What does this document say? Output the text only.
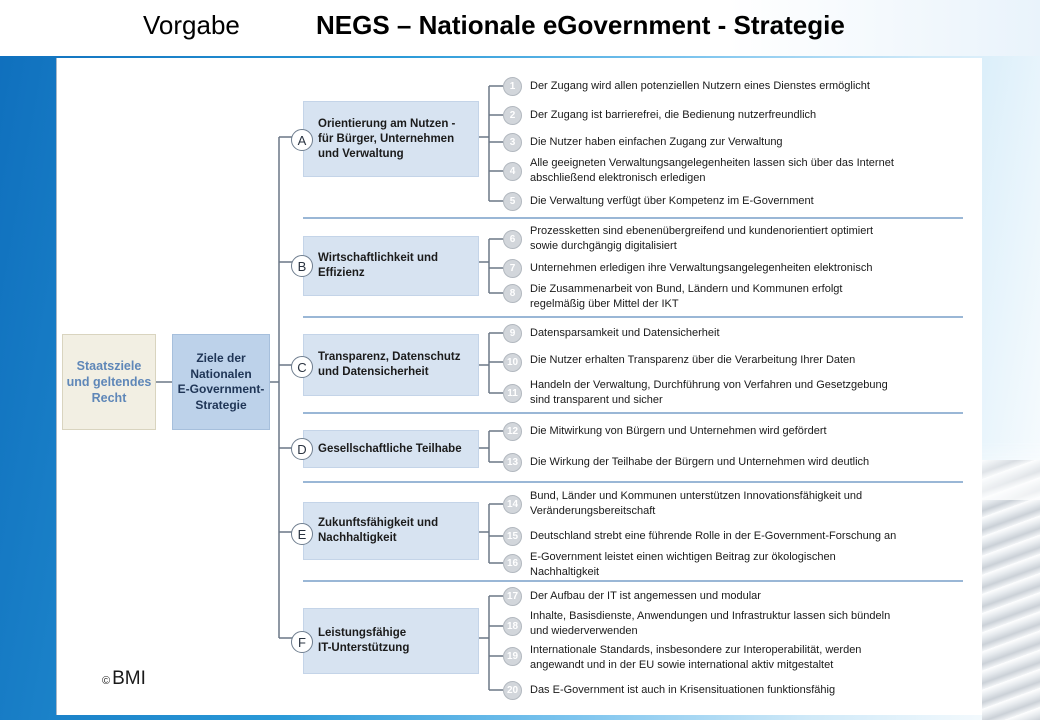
Vorgabe	NEGS – Nationale eGovernment - Strategie
Staatsziele
und geltendes
Recht
Ziele der
Nationalen
E-Government-
Strategie
Orientierung am Nutzen -
für Bürger, Unternehmen
und Verwaltung
Wirtschaftlichkeit und
Effizienz
Transparenz, Datenschutz
und Datensicherheit
Gesellschaftliche Teilhabe
Zukunftsfähigkeit und
Nachhaltigkeit
Leistungsfähige
IT-Unterstützung
A
B
C
D
E
F
1	Der Zugang wird allen potenziellen Nutzern eines Dienstes ermöglicht
2	Der Zugang ist barrierefrei, die Bedienung nutzerfreundlich
3	Die Nutzer haben einfachen Zugang zur Verwaltung
4
Alle geeigneten Verwaltungsangelegenheiten lassen sich über das Internet
abschließend elektronisch erledigen
5	Die Verwaltung verfügt über Kompetenz im E-Government
6
Prozessketten sind ebenenübergreifend und kundenorientiert optimiert
sowie durchgängig digitalisiert
7	Unternehmen erledigen ihre Verwaltungsangelegenheiten elektronisch
8	Die Zusammenarbeit von Bund, Ländern und Kommunen erfolgt
regelmäßig über Mittel der IKT
9	Datensparsamkeit und Datensicherheit
10	Die Nutzer erhalten Transparenz über die Verarbeitung Ihrer Daten
11
Handeln der Verwaltung, Durchführung von Verfahren und Gesetzgebung
sind transparent und sicher
12	Die Mitwirkung von Bürgern und Unternehmen wird gefördert
13	Die Wirkung der Teilhabe der Bürgern und Unternehmen wird deutlich
14
Bund, Länder und Kommunen unterstützen Innovationsfähigkeit und
Veränderungsbereitschaft
15	Deutschland strebt eine führende Rolle in der E-Government-Forschung an
16
E-Government leistet einen wichtigen Beitrag zur ökologischen
Nachhaltigkeit
17	Der Aufbau der IT ist angemessen und modular
18
Inhalte, Basisdienste, Anwendungen und Infrastruktur lassen sich bündeln
und wiederverwenden
19
Internationale Standards, insbesondere zur Interoperabilität, werden
angewandt und in der EU sowie international aktiv mitgestaltet
20	Das E-Government ist auch in Krisensituationen funktionsfähig
© BMI
